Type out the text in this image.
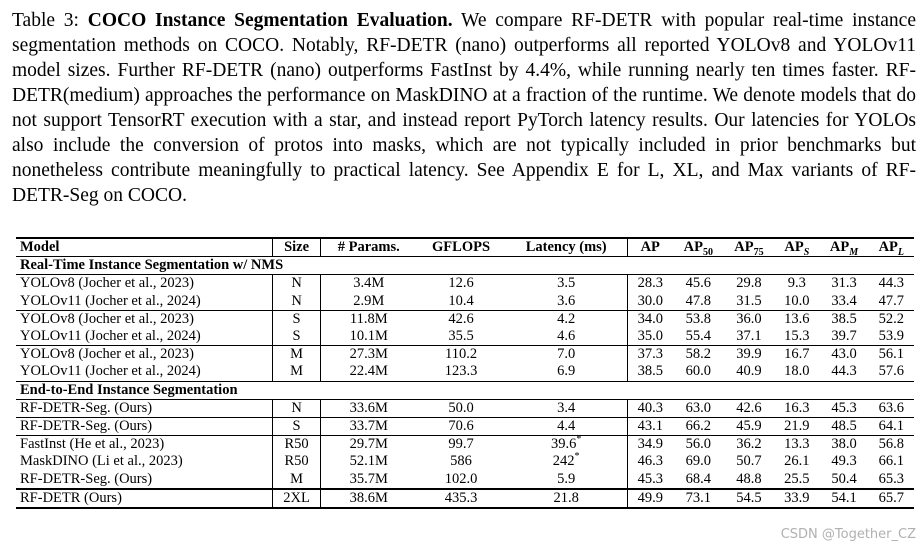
Table 3: COCO Instance Segmentation Evaluation. We compare RF-DETR with popular real-time instance segmentation methods on COCO. Notably, RF-DETR (nano) outperforms all reported YOLOv8 and YOLOv11 model sizes. Further RF-DETR (nano) outperforms FastInst by 4.4%, while running nearly ten times faster. RF-DETR(medium) approaches the performance on MaskDINO at a fraction of the runtime. We denote models that do not support TensorRT execution with a star, and instead report PyTorch latency results. Our latencies for YOLOs also include the conversion of protos into masks, which are not typically included in prior benchmarks but nonetheless contribute meaningfully to practical latency. See Appendix E for L, XL, and Max variants of RF-DETR-Seg on COCO.
Model	Size	# Params.	GFLOPS	Latency (ms)	AP	$AP_{50}$	$AP_{75}$	$AP_S$	$AP_M$	$AP_L$
Real-Time Instance Segmentation w/ NMS										
YOLOv8 (Jocher et al., 2023)	N	3.4M	12.6	3.5	28.3	45.6	29.8	9.3	31.3	44.3
YOLOv11 (Jocher et al., 2024)	N	2.9M	10.4	3.6	30.0	47.8	31.5	10.0	33.4	47.7
YOLOv8 (Jocher et al., 2023)	S	11.8M	42.6	4.2	34.0	53.8	36.0	13.6	38.5	52.2
YOLOv11 (Jocher et al., 2024)	S	10.1M	35.5	4.6	35.0	55.4	37.1	15.3	39.7	53.9
YOLOv8 (Jocher et al., 2023)	M	27.3M	110.2	7.0	37.3	58.2	39.9	16.7	43.0	56.1
YOLOv11 (Jocher et al., 2024)	M	22.4M	123.3	6.9	38.5	60.0	40.9	18.0	44.3	57.6
End-to-End Instance Segmentation										
RF-DETR-Seg. (Ours)	N	33.6M	50.0	3.4	40.3	63.0	42.6	16.3	45.3	63.6
RF-DETR-Seg. (Ours)	S	33.7M	70.6	4.4	43.1	66.2	45.9	21.9	48.5	64.1
FastInst (He et al., 2023)	R50	29.7M	99.7	39.6*	34.9	56.0	36.2	13.3	38.0	56.8
MaskDINO (Li et al., 2023)	R50	52.1M	586	242*	46.3	69.0	50.7	26.1	49.3	66.1
RF-DETR-Seg. (Ours)	M	35.7M	102.0	5.9	45.3	68.4	48.8	25.5	50.4	65.3
RF-DETR (Ours)	2XL	38.6M	435.3	21.8	49.9	73.1	54.5	33.9	54.1	65.7
CSDN @Together_CZ
